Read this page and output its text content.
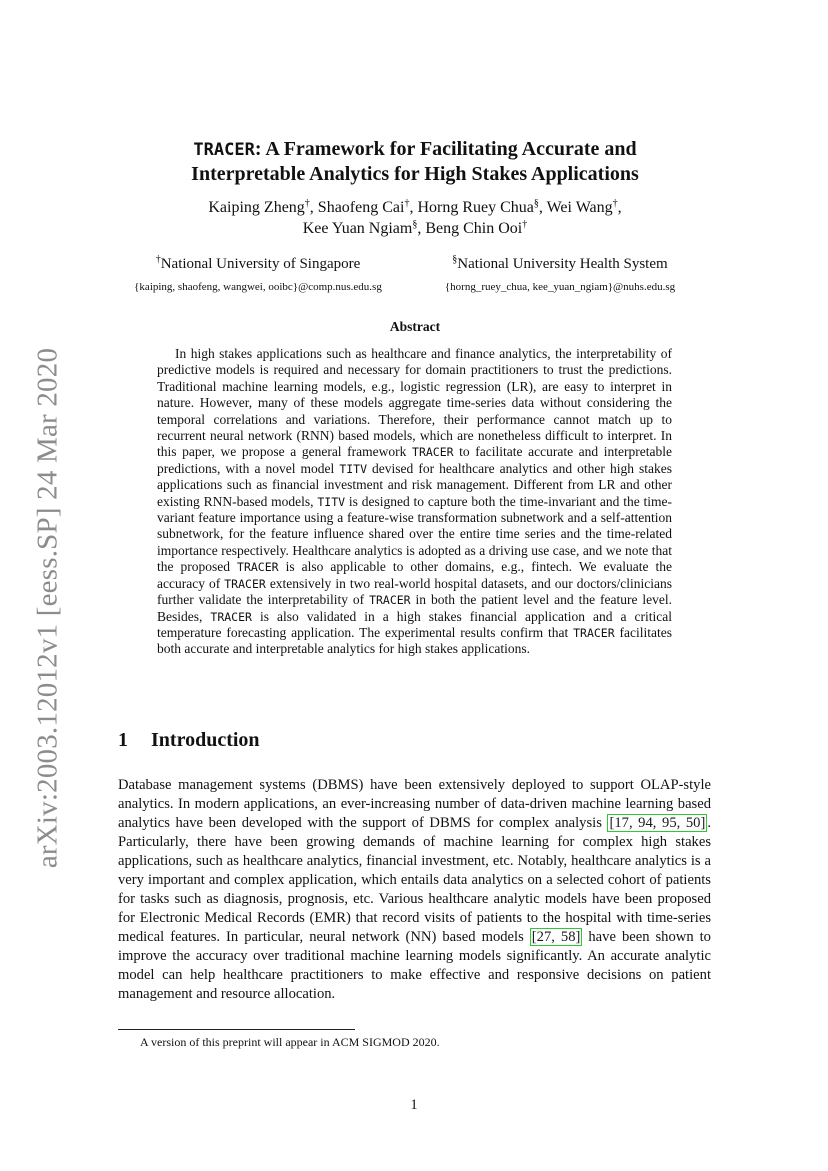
arXiv:2003.12012v1 [eess.SP] 24 Mar 2020
TRACER: A Framework for Facilitating Accurate and
Interpretable Analytics for High Stakes Applications
Kaiping Zheng†, Shaofeng Cai†, Horng Ruey Chua§, Wei Wang†,
Kee Yuan Ngiam§, Beng Chin Ooi†
†National University of Singapore
{kaiping, shaofeng, wangwei, ooibc}@comp.nus.edu.sg
§National University Health System
{horng_ruey_chua, kee_yuan_ngiam}@nuhs.edu.sg
Abstract
In high stakes applications such as healthcare and finance analytics, the interpretability of predictive models is required and necessary for domain practitioners to trust the predictions. Traditional machine learning models, e.g., logistic regression (LR), are easy to interpret in nature. However, many of these models aggregate time-series data without considering the temporal correlations and variations. Therefore, their performance cannot match up to recurrent neural network (RNN) based models, which are nonetheless difficult to interpret. In this paper, we propose a general framework TRACER to facilitate accurate and interpretable predictions, with a novel model TITV devised for healthcare analytics and other high stakes applications such as financial investment and risk management. Different from LR and other existing RNN-based models, TITV is designed to capture both the time-invariant and the time-variant feature importance using a feature-wise transformation subnetwork and a self-attention subnetwork, for the feature influence shared over the entire time series and the time-related importance respectively. Healthcare analytics is adopted as a driving use case, and we note that the proposed TRACER is also applicable to other domains, e.g., fintech. We evaluate the accuracy of TRACER extensively in two real-world hospital datasets, and our doctors/clinicians further validate the interpretability of TRACER in both the patient level and the feature level. Besides, TRACER is also validated in a high stakes financial application and a critical temperature forecasting application. The experimental results confirm that TRACER facilitates both accurate and interpretable analytics for high stakes applications.
1 Introduction
Database management systems (DBMS) have been extensively deployed to support OLAP-style analytics. In modern applications, an ever-increasing number of data-driven machine learning based analytics have been developed with the support of DBMS for complex analysis [17, 94, 95, 50] . Particularly, there have been growing demands of machine learning for complex high stakes applications, such as healthcare analytics, financial investment, etc. Notably, healthcare analytics is a very important and complex application, which entails data analytics on a selected cohort of patients for tasks such as diagnosis, prognosis, etc. Various healthcare analytic models have been proposed for Electronic Medical Records (EMR) that record visits of patients to the hospital with time-series medical features. In particular, neural network (NN) based models [27, 58] have been shown to improve the accuracy over traditional machine learning models significantly. An accurate analytic model can help healthcare practitioners to make effective and responsive decisions on patient management and resource allocation.
A version of this preprint will appear in ACM SIGMOD 2020.
1
